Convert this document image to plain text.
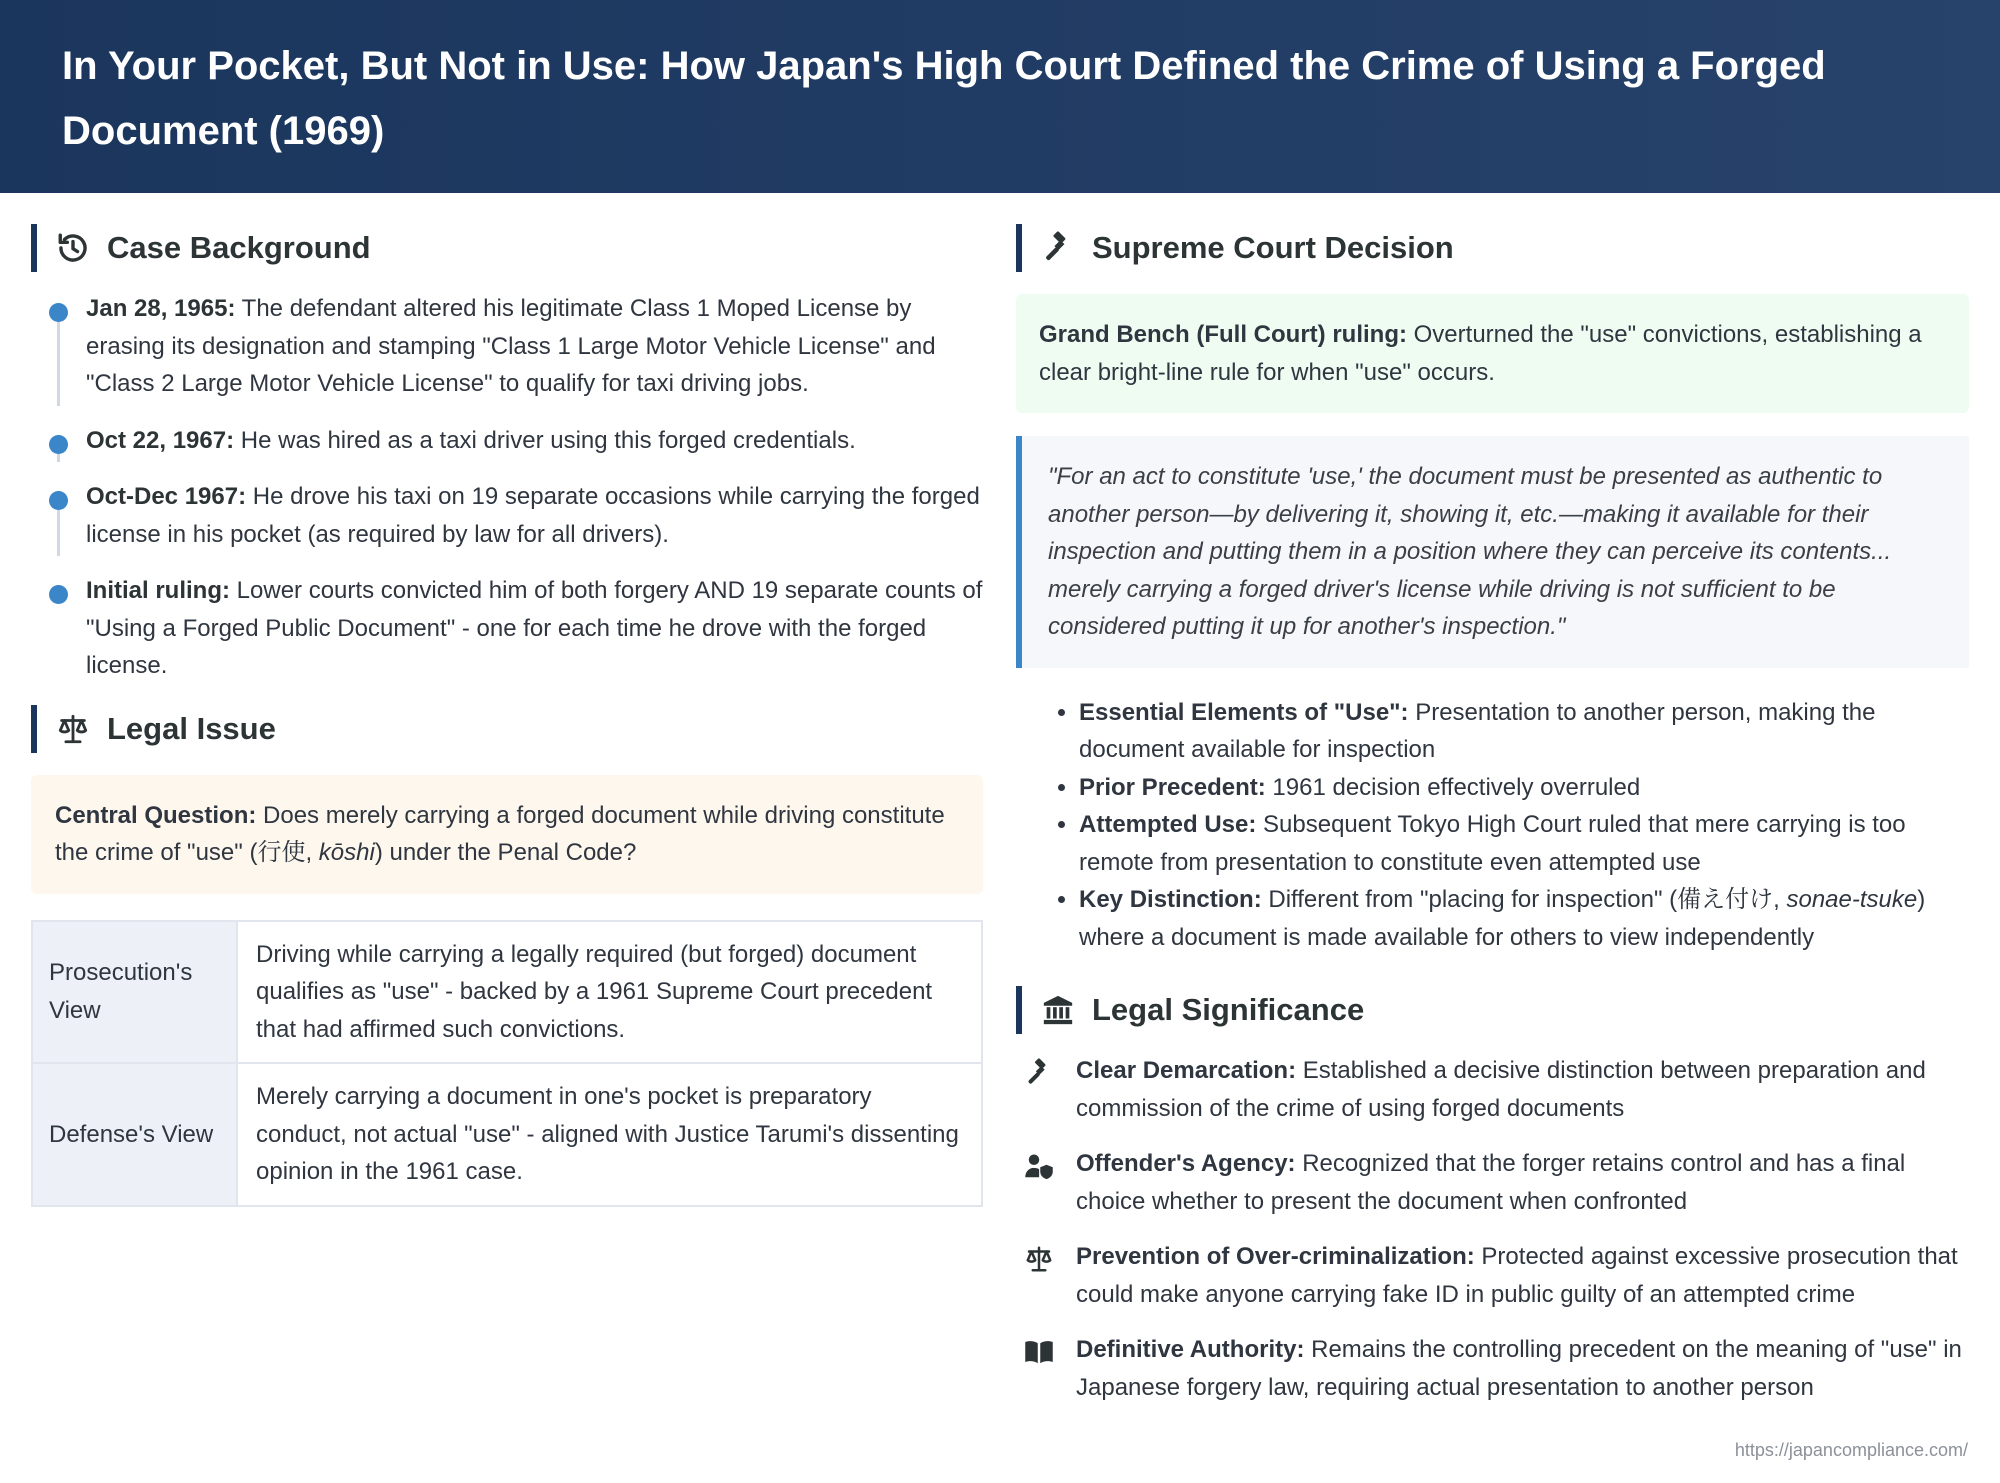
In Your Pocket, But Not in Use: How Japan's High Court Defined the Crime of Using a Forged Document (1969)
Case Background
Jan 28, 1965: The defendant altered his legitimate Class 1 Moped License by erasing its designation and stamping "Class 1 Large Motor Vehicle License" and "Class 2 Large Motor Vehicle License" to qualify for taxi driving jobs.
Oct 22, 1967: He was hired as a taxi driver using this forged credentials.
Oct-Dec 1967: He drove his taxi on 19 separate occasions while carrying the forged license in his pocket (as required by law for all drivers).
Initial ruling: Lower courts convicted him of both forgery AND 19 separate counts of "Using a Forged Public Document" - one for each time he drove with the forged license.
Legal Issue
Central Question: Does merely carrying a forged document while driving constitute the crime of "use" (行使, kōshi) under the Penal Code?
Prosecution's View
Driving while carrying a legally required (but forged) document qualifies as "use" - backed by a 1961 Supreme Court precedent that had affirmed such convictions.
Defense's View
Merely carrying a document in one's pocket is preparatory conduct, not actual "use" - aligned with Justice Tarumi's dissenting opinion in the 1961 case.
Supreme Court Decision
Grand Bench (Full Court) ruling: Overturned the "use" convictions, establishing a clear bright-line rule for when "use" occurs.
"For an act to constitute 'use,' the document must be presented as authentic to another person—by delivering it, showing it, etc.—making it available for their inspection and putting them in a position where they can perceive its contents... merely carrying a forged driver's license while driving is not sufficient to be considered putting it up for another's inspection."
• Essential Elements of "Use": Presentation to another person, making the document available for inspection
• Prior Precedent: 1961 decision effectively overruled
• Attempted Use: Subsequent Tokyo High Court ruled that mere carrying is too remote from presentation to constitute even attempted use
• Key Distinction: Different from "placing for inspection" (備え付け, sonae-tsuke) where a document is made available for others to view independently
Legal Significance
Clear Demarcation: Established a decisive distinction between preparation and commission of the crime of using forged documents
Offender's Agency: Recognized that the forger retains control and has a final choice whether to present the document when confronted
Prevention of Over-criminalization: Protected against excessive prosecution that could make anyone carrying fake ID in public guilty of an attempted crime
Definitive Authority: Remains the controlling precedent on the meaning of "use" in Japanese forgery law, requiring actual presentation to another person
https://japancompliance.com/
